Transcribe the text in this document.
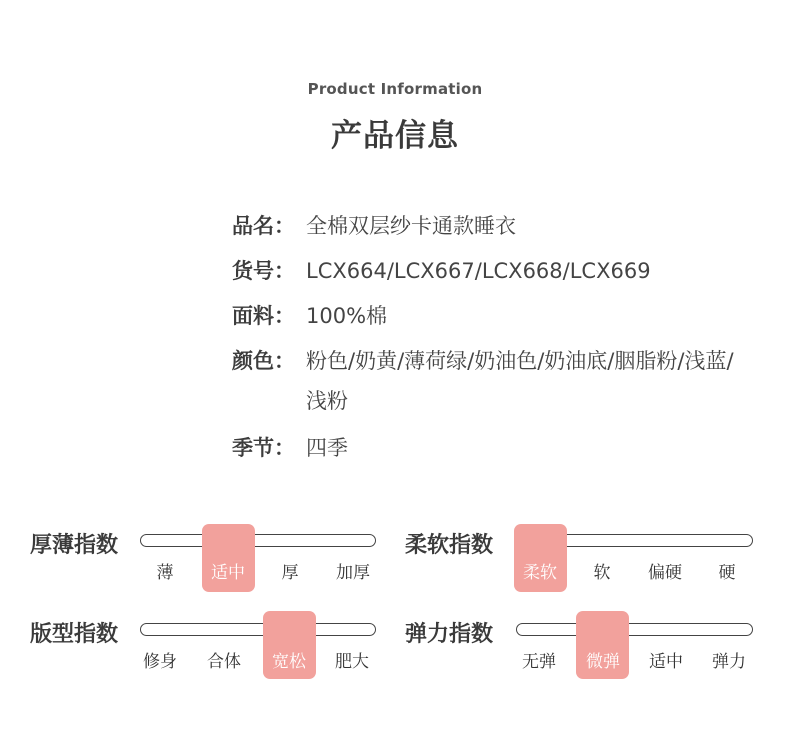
Product Information
产品信息
品名： 全棉双层纱卡通款睡衣
货号： LCX664/LCX667/LCX668/LCX669
面料： 100%棉
颜色： 粉色/奶黄/薄荷绿/奶油色/奶油底/胭脂粉/浅蓝/浅粉
季节： 四季
厚薄指数
薄	适中	厚	加厚
柔软指数
柔软	软	偏硬	硬
版型指数
修身	合体	宽松	肥大
弹力指数
无弹	微弹	适中	弹力
